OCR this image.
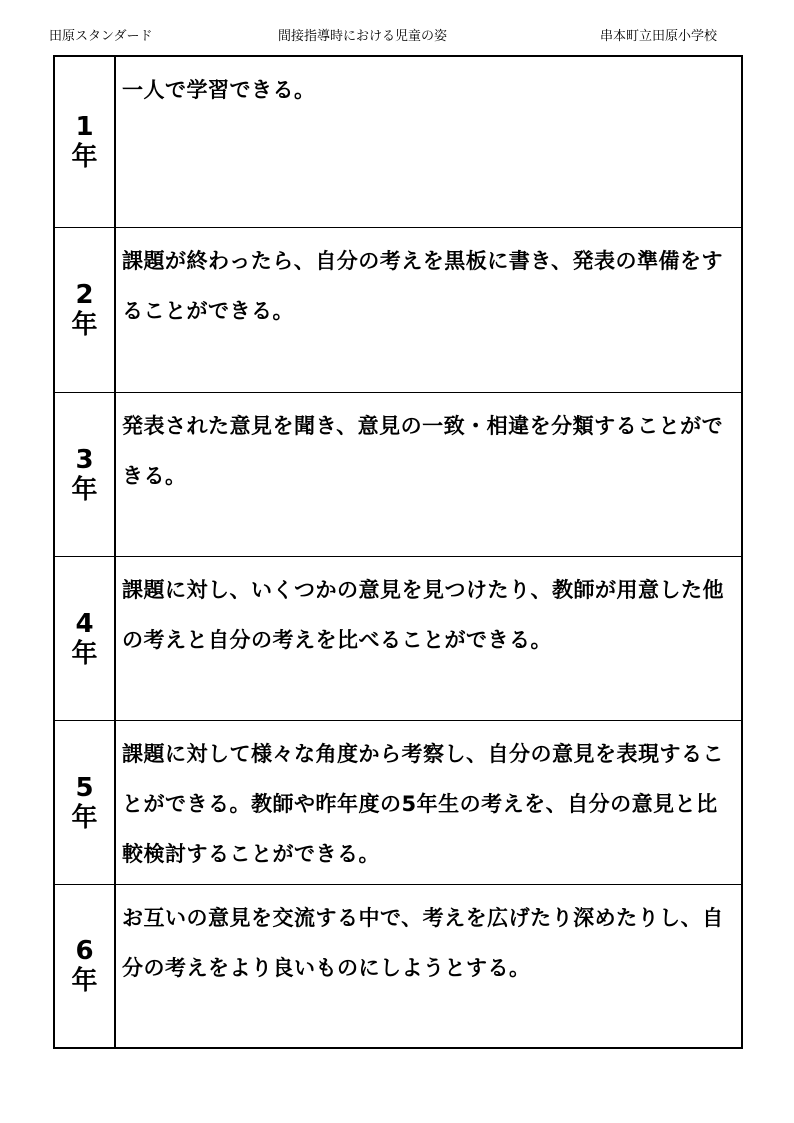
田原スタンダード	間接指導時における児童の姿	串本町立田原小学校
1
年
一人で学習できる。
2
年
課題が終わったら、自分の考えを黒板に書き、発表の準備をすることができる。
3
年
発表された意見を聞き、意見の一致・相違を分類することができる。
4
年
課題に対し、いくつかの意見を見つけたり、教師が用意した他の考えと自分の考えを比べることができる。
5
年
課題に対して様々な角度から考察し、自分の意見を表現することができる。教師や昨年度の5年生の考えを、自分の意見と比較検討することができる。
6
年
お互いの意見を交流する中で、考えを広げたり深めたりし、自分の考えをより良いものにしようとする。
